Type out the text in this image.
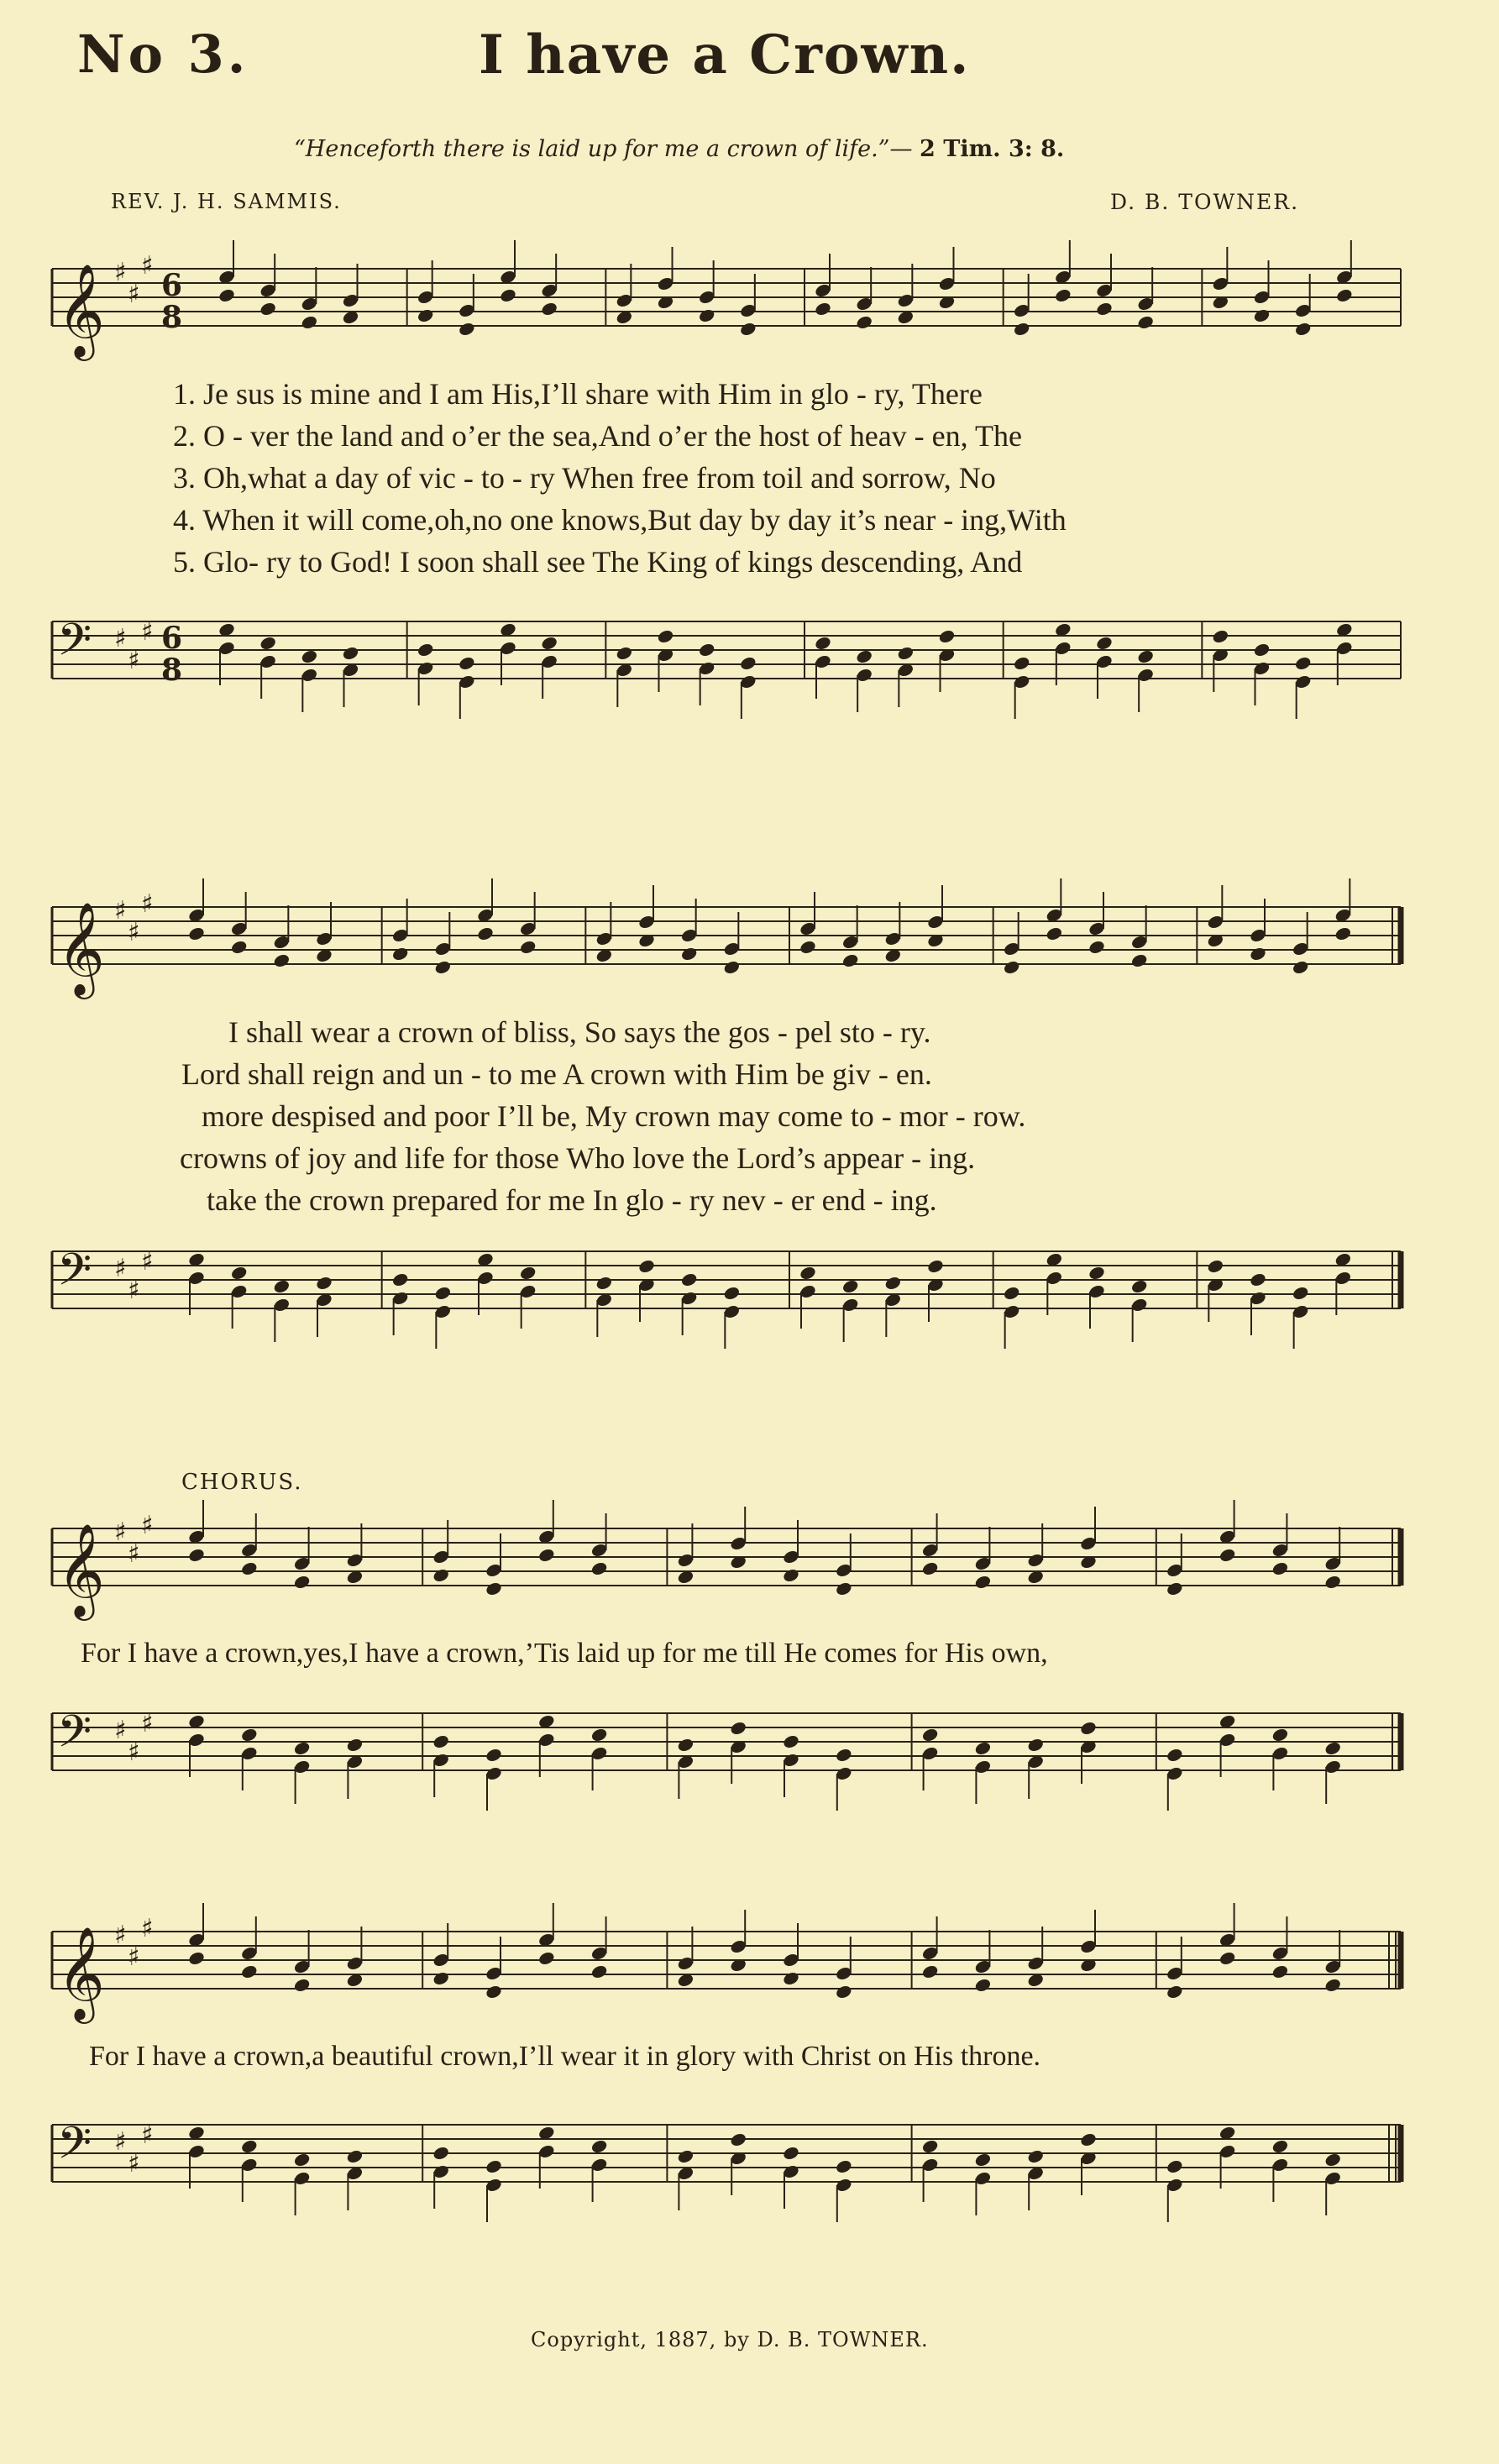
No 3.	I have a Crown.
“Henceforth there is laid up for me a crown of life.”— 2 Tim. 3: 8.
REV. J. H. SAMMIS.	D. B. TOWNER.
𝄞 ♯
♯
♯
6
8
1. Je sus is mine and I am His,I’ll share with Him in glo - ry, There
2. O - ver the land and o’er the sea,And o’er the host of heav - en, The
3. Oh,what a day of vic - to - ry When free from toil and sorrow, No
4. When it will come,oh,no one knows,But day by day it’s near - ing,With
5. Glo- ry to God! I soon shall see The King of kings descending, And
𝄢 ♯
♯
♯ 6
8
𝄞 ♯
♯
♯
I shall wear a crown of bliss, So says the gos - pel sto - ry.
Lord shall reign and un - to me A crown with Him be giv - en.
more despised and poor I’ll be, My crown may come to - mor - row.
crowns of joy and life for those Who love the Lord’s appear - ing.
take the crown prepared for me In glo - ry nev - er end - ing.
𝄢 ♯
♯
♯
CHORUS.
𝄞 ♯
♯
♯
For I have a crown,yes,I have a crown,’Tis laid up for me till He comes for His own,
𝄢 ♯
♯
♯
𝄞 ♯
♯
♯
For I have a crown,a beautiful crown,I’ll wear it in glory with Christ on His throne.
𝄢 ♯
♯
♯
Copyright, 1887, by D. B. TOWNER.
